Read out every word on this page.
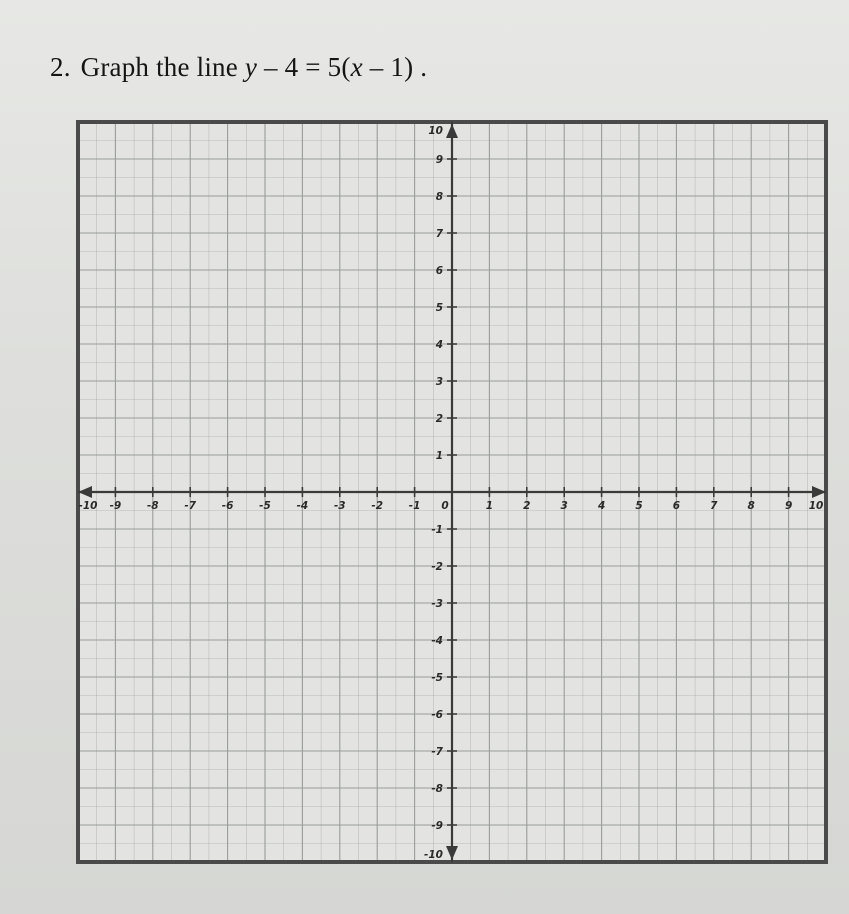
2. Graph the line y – 4 = 5(x – 1) .
-10 -9 -8 -7 -6 -5 -4 -3 -2 -1 0	1	2	3	4	5	6	7	8	9 10
10
9
8
7
6
5
4
3
2
1
-1
-2
-3
-4
-5
-6
-7
-8
-9
-10
